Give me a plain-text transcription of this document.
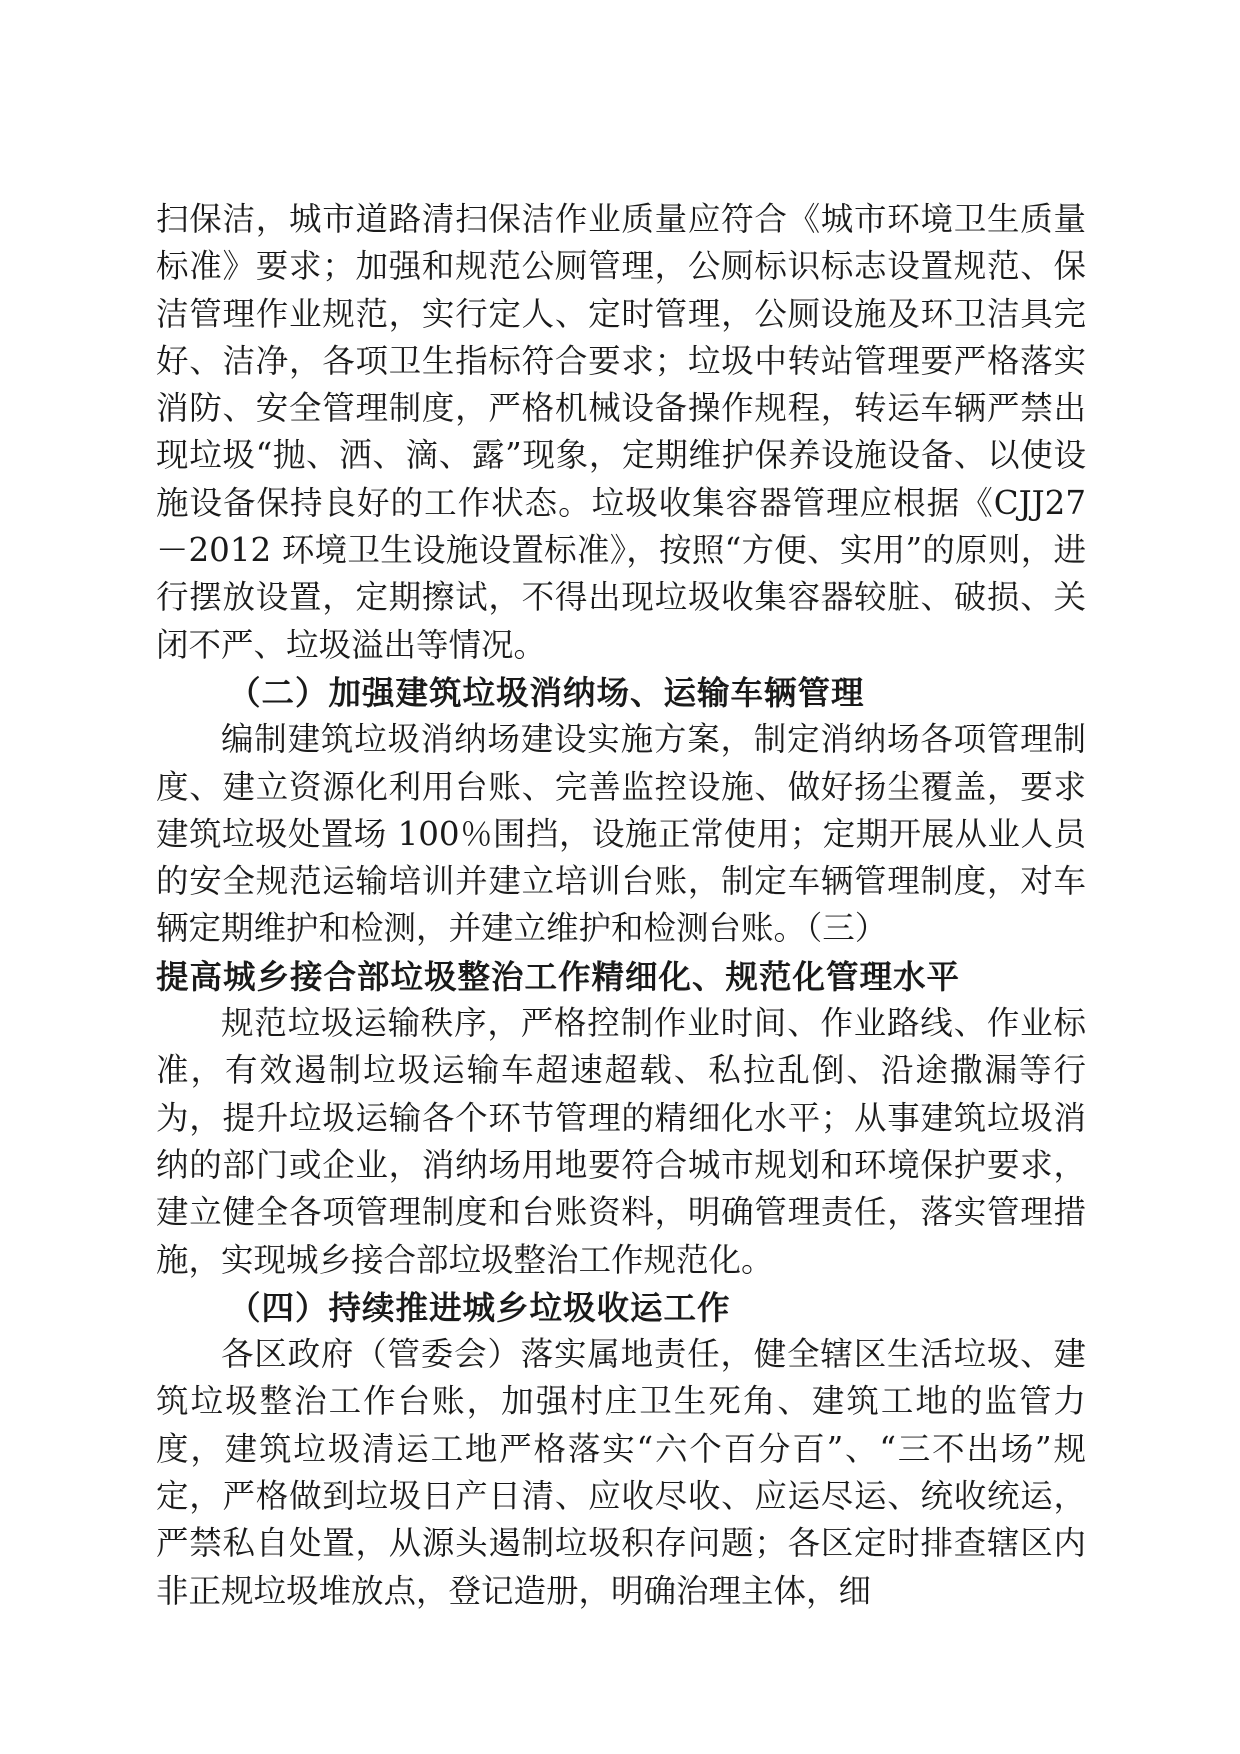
扫保洁，城市道路清扫保洁作业质量应符合《城市环境卫生质量标准》要求；加强和规范公厕管理，公厕标识标志设置规范、保洁管理作业规范，实行定人、定时管理，公厕设施及环卫洁具完好、洁净，各项卫生指标符合要求；垃圾中转站管理要严格落实消防、安全管理制度，严格机械设备操作规程，转运车辆严禁出现垃圾“抛、洒、滴、露”现象，定期维护保养设施设备、以使设施设备保持良好的工作状态。垃圾收集容器管理应根据《CJJ27－2012 环境卫生设施设置标准》，按照“方便、实用”的原则，进行摆放设置，定期擦试，不得出现垃圾收集容器较脏、破损、关闭不严、垃圾溢出等情况。

（二）加强建筑垃圾消纳场、运输车辆管理

编制建筑垃圾消纳场建设实施方案，制定消纳场各项管理制度、建立资源化利用台账、完善监控设施、做好扬尘覆盖，要求建筑垃圾处置场 100％围挡，设施正常使用；定期开展从业人员的安全规范运输培训并建立培训台账，制定车辆管理制度，对车辆定期维护和检测，并建立维护和检测台账。（三）

提高城乡接合部垃圾整治工作精细化、规范化管理水平

规范垃圾运输秩序，严格控制作业时间、作业路线、作业标准，有效遏制垃圾运输车超速超载、私拉乱倒、沿途撒漏等行为，提升垃圾运输各个环节管理的精细化水平；从事建筑垃圾消纳的部门或企业，消纳场用地要符合城市规划和环境保护要求，建立健全各项管理制度和台账资料，明确管理责任，落实管理措施，实现城乡接合部垃圾整治工作规范化。

（四）持续推进城乡垃圾收运工作

各区政府（管委会）落实属地责任，健全辖区生活垃圾、建筑垃圾整治工作台账，加强村庄卫生死角、建筑工地的监管力度，建筑垃圾清运工地严格落实“六个百分百”、“三不出场”规定，严格做到垃圾日产日清、应收尽收、应运尽运、统收统运，严禁私自处置，从源头遏制垃圾积存问题；各区定时排查辖区内非正规垃圾堆放点，登记造册，明确治理主体，细
